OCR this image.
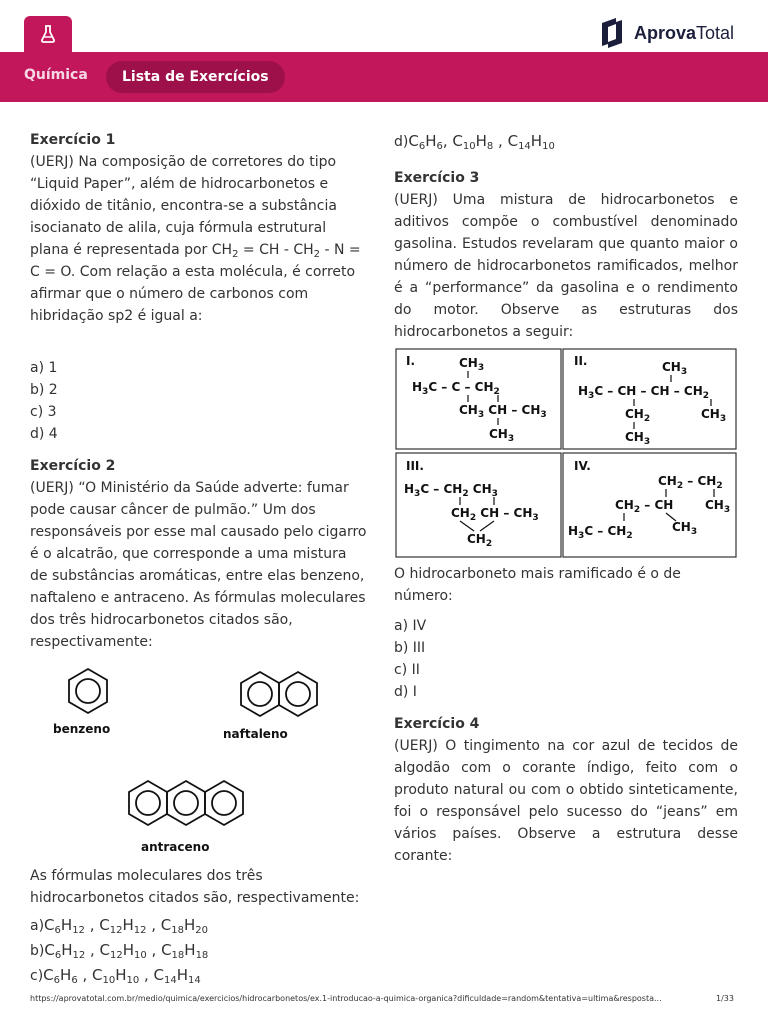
AprovaTotal
Química	Lista de Exercícios

Exercício 1

(UERJ) Na composição de corretores do tipo “Liquid Paper”, além de hidrocarbonetos e dióxido de titânio, encontra-se a substância isocianato de alila, cuja fórmula estrutural plana é representada por $CH_2$ = CH - $CH_2 - N = C = O$. Com relação a esta molécula, é correto afirmar que o número de carbonos com hibridação sp2 é igual a:

a) 1

b) 2

c) 3

d) 4

Exercício 2

(UERJ) “O Ministério da Saúde adverte: fumar pode causar câncer de pulmão.” Um dos responsáveis por esse mal causado pelo cigarro é o alcatrão, que corresponde a uma mistura de substâncias aromáticas, entre elas benzeno, naftaleno e antraceno. As fórmulas moleculares dos três hidrocarbonetos citados são, respectivamente:

benzeno	naftaleno
antraceno

As fórmulas moleculares dos três hidrocarbonetos citados são, respectivamente:

$a)C_6H_{12}$ , $C_{12}H_{12}$ , $C_{18}H_{20}$

$b)C_6H_{12}$ , $C_{12}H_{10}$ , $C_{18}H_{18}$

$c)C_6H_6$ , $C_{10}H_{10}$ , $C_{14}H_{14}$

$d)C_6H_6$, $C_{10}H_8$ , $C_{14}H_{10}$

Exercício 3

(UERJ) Uma mistura de hidrocarbonetos e aditivos compõe o combustível denominado gasolina. Estudos revelaram que quanto maior o número de hidrocarbonetos ramificados, melhor é a “performance” da gasolina e o rendimento do motor. Observe as estruturas dos hidrocarbonetos a seguir:

I.	$CH_3$
$H_3C$ – C – $CH_2$
$CH_3$ CH – $CH_3$
$CH_3$
II.	$CH_3$
$H_3C$ – CH – CH – $CH_2$
$CH_2$	$CH_3$
$CH_3$
III.
$H_3C - CH_2$ $CH_3$
$CH_2$ CH – $CH_3$
$CH_2$
IV.
$CH_2 - CH_2$
$CH_2$ – CH	$CH_3$
$CH_3$
$H_3C - CH_2$

O hidrocarboneto mais ramificado é o de número:

a) IV

b) III

c) II

d) I

Exercício 4

(UERJ) O tingimento na cor azul de tecidos de algodão com o corante índigo, feito com o produto natural ou com o obtido sinteticamente, foi o responsável pelo sucesso do “jeans” em vários países. Observe a estrutura desse corante:

https://aprovatotal.com.br/medio/quimica/exercicios/hidrocarbonetos/ex.1-introducao-a-quimica-organica?dificuldade=random&tentativa=ultima&resposta...	1/33
